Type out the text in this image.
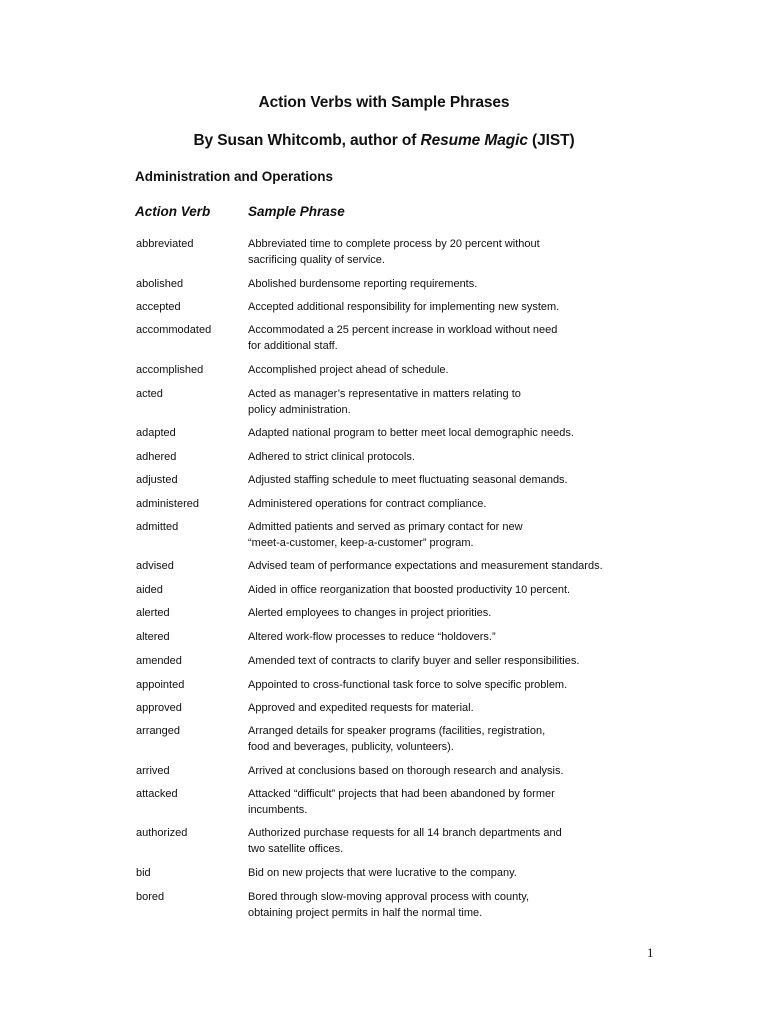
Action Verbs with Sample Phrases
By Susan Whitcomb, author of Resume Magic (JIST)
Administration and Operations
Action Verb	Sample Phrase
abbreviated	Abbreviated time to complete process by 20 percent without
sacrificing quality of service.
abolished	Abolished burdensome reporting requirements.
accepted	Accepted additional responsibility for implementing new system.
accommodated	Accommodated a 25 percent increase in workload without need
for additional staff.
accomplished	Accomplished project ahead of schedule.
acted	Acted as manager’s representative in matters relating to
policy administration.
adapted	Adapted national program to better meet local demographic needs.
adhered	Adhered to strict clinical protocols.
adjusted	Adjusted staffing schedule to meet fluctuating seasonal demands.
administered	Administered operations for contract compliance.
admitted	Admitted patients and served as primary contact for new
“meet-a-customer, keep-a-customer” program.
advised	Advised team of performance expectations and measurement standards.
aided	Aided in office reorganization that boosted productivity 10 percent.
alerted	Alerted employees to changes in project priorities.
altered	Altered work-flow processes to reduce “holdovers.”
amended	Amended text of contracts to clarify buyer and seller responsibilities.
appointed	Appointed to cross-functional task force to solve specific problem.
approved	Approved and expedited requests for material.
arranged	Arranged details for speaker programs (facilities, registration,
food and beverages, publicity, volunteers).
arrived	Arrived at conclusions based on thorough research and analysis.
attacked	Attacked “difficult” projects that had been abandoned by former
incumbents.
authorized	Authorized purchase requests for all 14 branch departments and
two satellite offices.
bid	Bid on new projects that were lucrative to the company.
bored	Bored through slow-moving approval process with county,
obtaining project permits in half the normal time.
1
